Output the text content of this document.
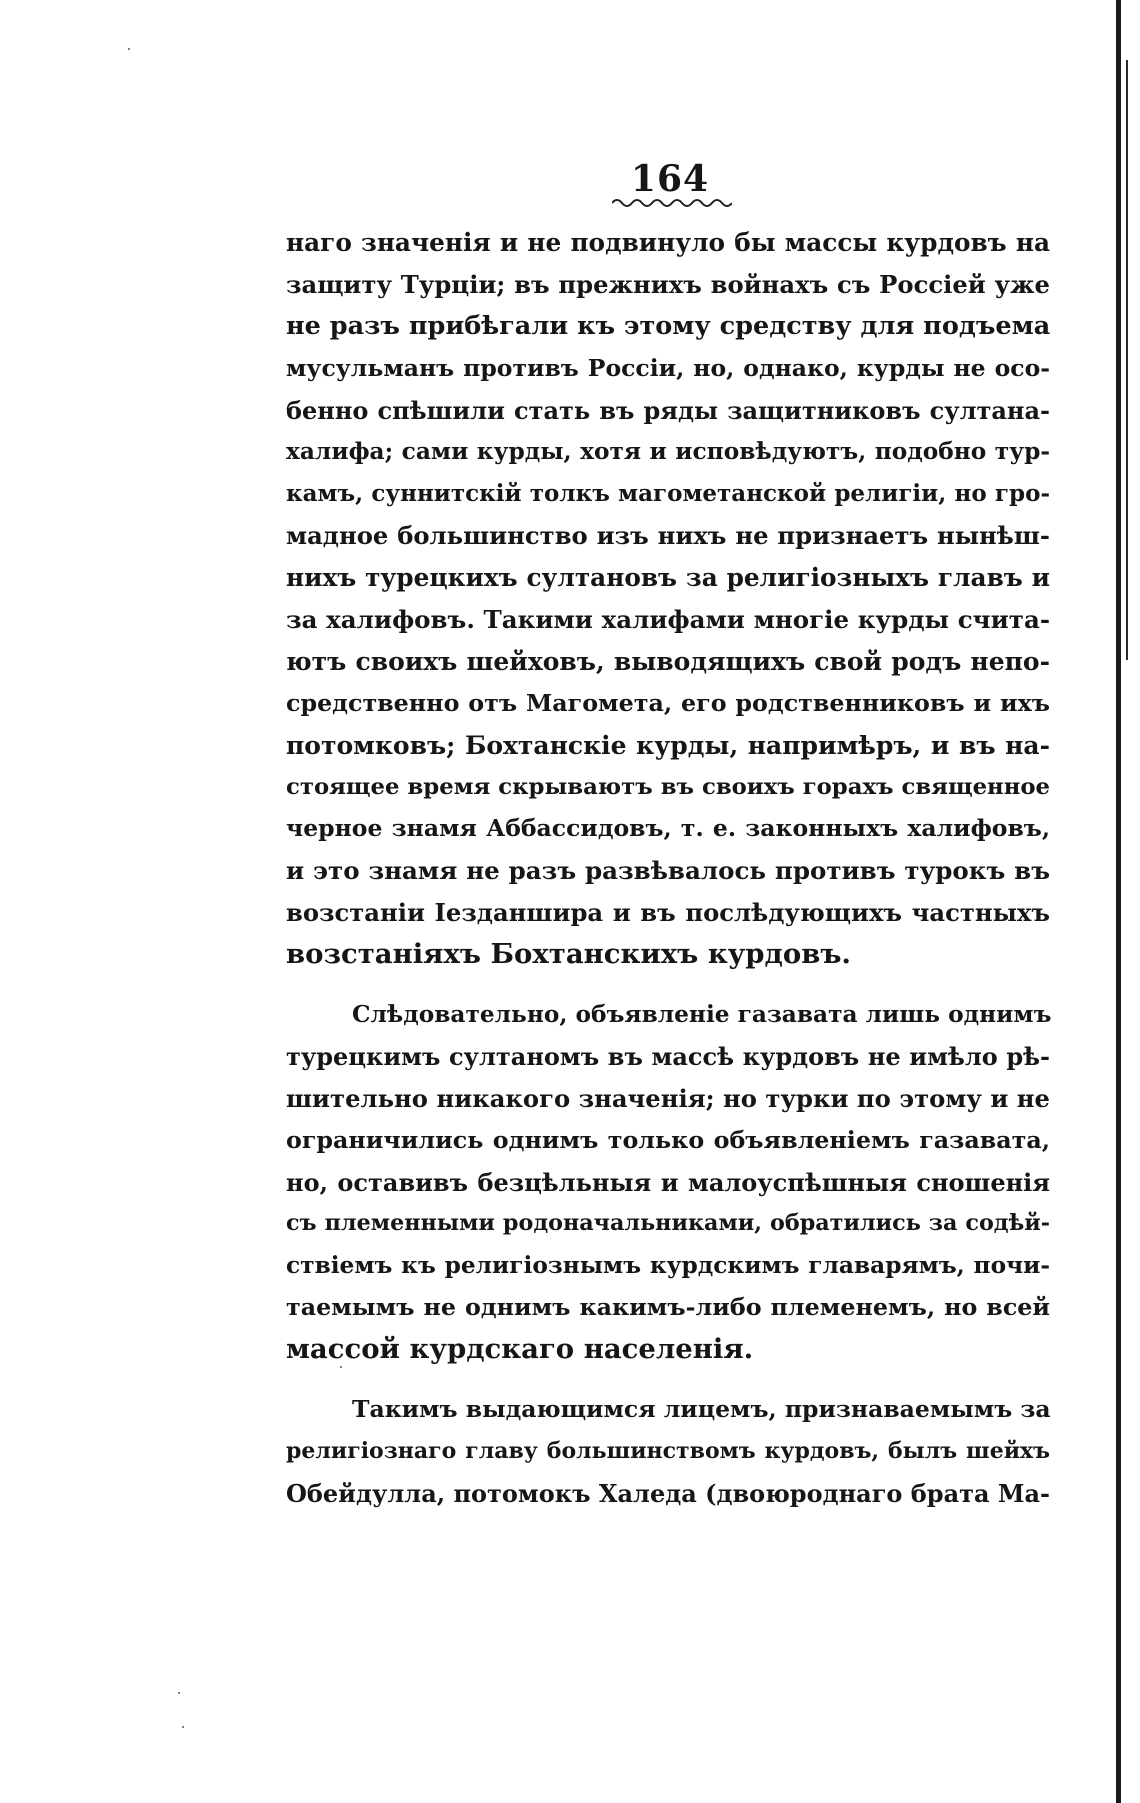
164
наго значенія и не подвинуло бы массы курдовъ на
защиту Турціи; въ прежнихъ войнахъ съ Россіей уже
не разъ прибѣгали къ этому средству для подъема
мусульманъ противъ Россіи, но, однако, курды не осо-
бенно спѣшили стать въ ряды защитниковъ султана-
халифа; сами курды, хотя и исповѣдуютъ, подобно тур-
камъ, суннитскій толкъ магометанской религіи, но гро-
мадное большинство изъ нихъ не признаетъ нынѣш-
нихъ турецкихъ султановъ за религіозныхъ главъ и
за халифовъ. Такими халифами многіе курды счита-
ютъ своихъ шейховъ, выводящихъ свой родъ непо-
средственно отъ Магомета, его родственниковъ и ихъ
потомковъ; Бохтанскіе курды, напримѣръ, и въ на-
стоящее время скрываютъ въ своихъ горахъ священное
черное знамя Аббассидовъ, т. е. законныхъ халифовъ,
и это знамя не разъ развѣвалось противъ турокъ въ
возстаніи Іезданшира и въ послѣдующихъ частныхъ
возстаніяхъ Бохтанскихъ курдовъ.
Слѣдовательно, объявленіе газавата лишь однимъ
турецкимъ султаномъ въ массѣ курдовъ не имѣло рѣ-
шительно никакого значенія; но турки по этому и не
ограничились однимъ только объявленіемъ газавата,
но, оставивъ безцѣльныя и малоуспѣшныя сношенія
съ племенными родоначальниками, обратились за содѣй-
ствіемъ къ религіознымъ курдскимъ главарямъ, почи-
таемымъ не однимъ какимъ-либо племенемъ, но всей
массой курдскаго населенія.
Такимъ выдающимся лицемъ, признаваемымъ за
религіознаго главу большинствомъ курдовъ, былъ шейхъ
Обейдулла, потомокъ Халеда (двоюроднаго брата Ма-
